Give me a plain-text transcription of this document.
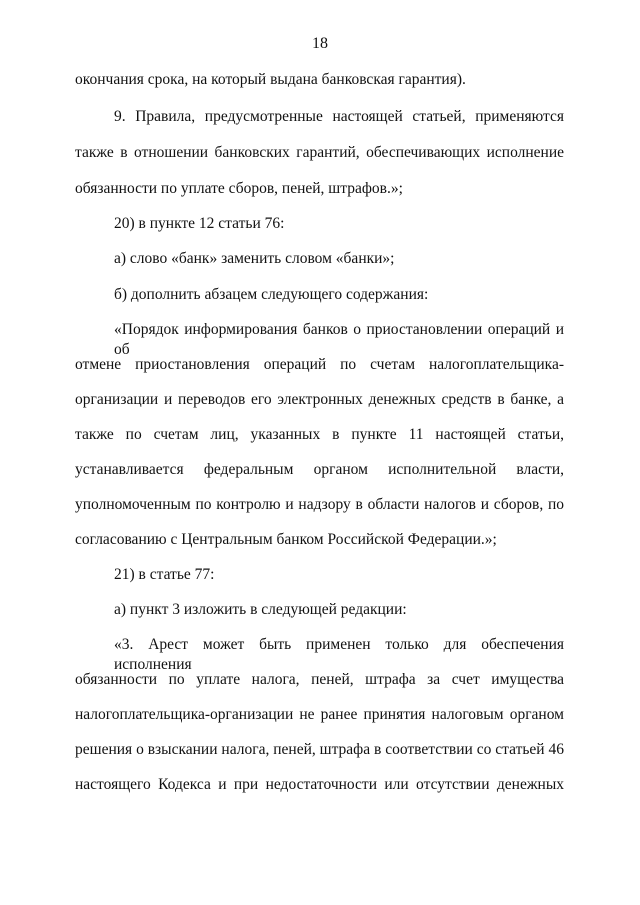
18
окончания срока, на который выдана банковская гарантия).
9. Правила, предусмотренные настоящей статьей, применяются
также в отношении банковских гарантий, обеспечивающих исполнение
обязанности по уплате сборов, пеней, штрафов.»;
20) в пункте 12 статьи 76:
а) слово «банк» заменить словом «банки»;
б) дополнить абзацем следующего содержания:
«Порядок информирования банков о приостановлении операций и об
отмене приостановления операций по счетам налогоплательщика-
организации и переводов его электронных денежных средств в банке, а
также по счетам лиц, указанных в пункте 11 настоящей статьи,
устанавливается федеральным органом исполнительной власти,
уполномоченным по контролю и надзору в области налогов и сборов, по
согласованию с Центральным банком Российской Федерации.»;
21) в статье 77:
а) пункт 3 изложить в следующей редакции:
«3. Арест может быть применен только для обеспечения исполнения
обязанности по уплате налога, пеней, штрафа за счет имущества
налогоплательщика-организации не ранее принятия налоговым органом
решения о взыскании налога, пеней, штрафа в соответствии со статьей 46
настоящего Кодекса и при недостаточности или отсутствии денежных
